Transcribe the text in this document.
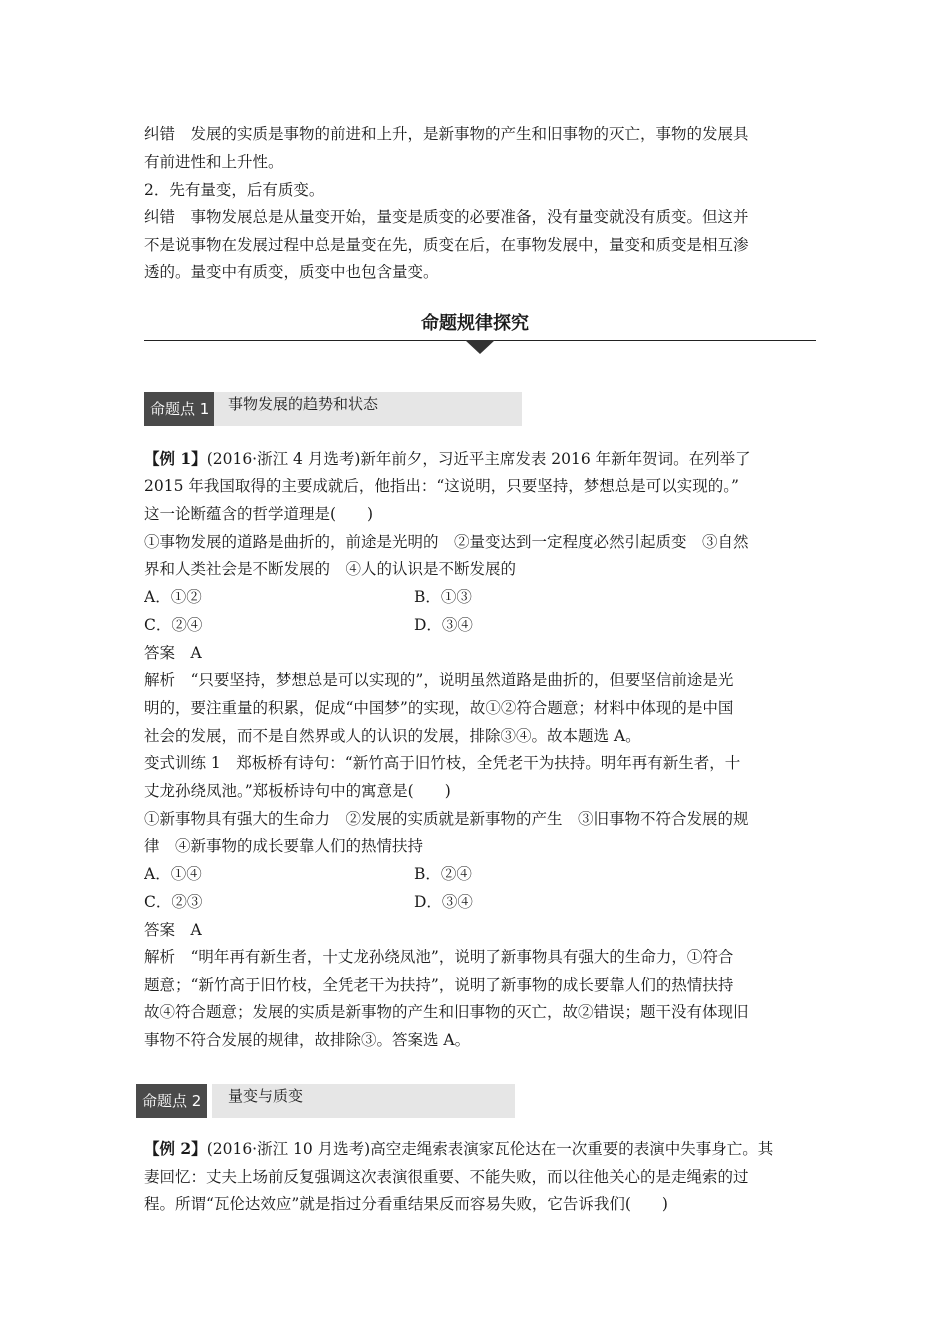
纠错　发展的实质是事物的前进和上升，是新事物的产生和旧事物的灭亡，事物的发展具
有前进性和上升性。
2．先有量变，后有质变。
纠错　事物发展总是从量变开始，量变是质变的必要准备，没有量变就没有质变。但这并
不是说事物在发展过程中总是量变在先，质变在后，在事物发展中，量变和质变是相互渗
透的。量变中有质变，质变中也包含量变。
命题规律探究
命题点 1	事物发展的趋势和状态
【例 1】(2016·浙江 4 月选考)新年前夕，习近平主席发表 2016 年新年贺词。在列举了
2015 年我国取得的主要成就后，他指出：“这说明，只要坚持，梦想总是可以实现的。”
这一论断蕴含的哲学道理是(　　)
①事物发展的道路是曲折的，前途是光明的　②量变达到一定程度必然引起质变　③自然
界和人类社会是不断发展的　④人的认识是不断发展的
A．①②	B．①③
C．②④	D．③④
答案　A
解析　“只要坚持，梦想总是可以实现的”，说明虽然道路是曲折的，但要坚信前途是光
明的，要注重量的积累，促成“中国梦”的实现，故①②符合题意；材料中体现的是中国
社会的发展，而不是自然界或人的认识的发展，排除③④。故本题选 A。
变式训练 1　郑板桥有诗句：“新竹高于旧竹枝，全凭老干为扶持。明年再有新生者，十
丈龙孙绕凤池。”郑板桥诗句中的寓意是(　　)
①新事物具有强大的生命力　②发展的实质就是新事物的产生　③旧事物不符合发展的规
律　④新事物的成长要靠人们的热情扶持
A．①④	B．②④
C．②③	D．③④
答案　A
解析　“明年再有新生者，十丈龙孙绕凤池”，说明了新事物具有强大的生命力，①符合
题意；“新竹高于旧竹枝，全凭老干为扶持”，说明了新事物的成长要靠人们的热情扶持
故④符合题意；发展的实质是新事物的产生和旧事物的灭亡，故②错误；题干没有体现旧
事物不符合发展的规律，故排除③。答案选 A。
命题点 2	量变与质变
【例 2】(2016·浙江 10 月选考)高空走绳索表演家瓦伦达在一次重要的表演中失事身亡。其
妻回忆：丈夫上场前反复强调这次表演很重要、不能失败，而以往他关心的是走绳索的过
程。所谓“瓦伦达效应”就是指过分看重结果反而容易失败，它告诉我们(　　)
